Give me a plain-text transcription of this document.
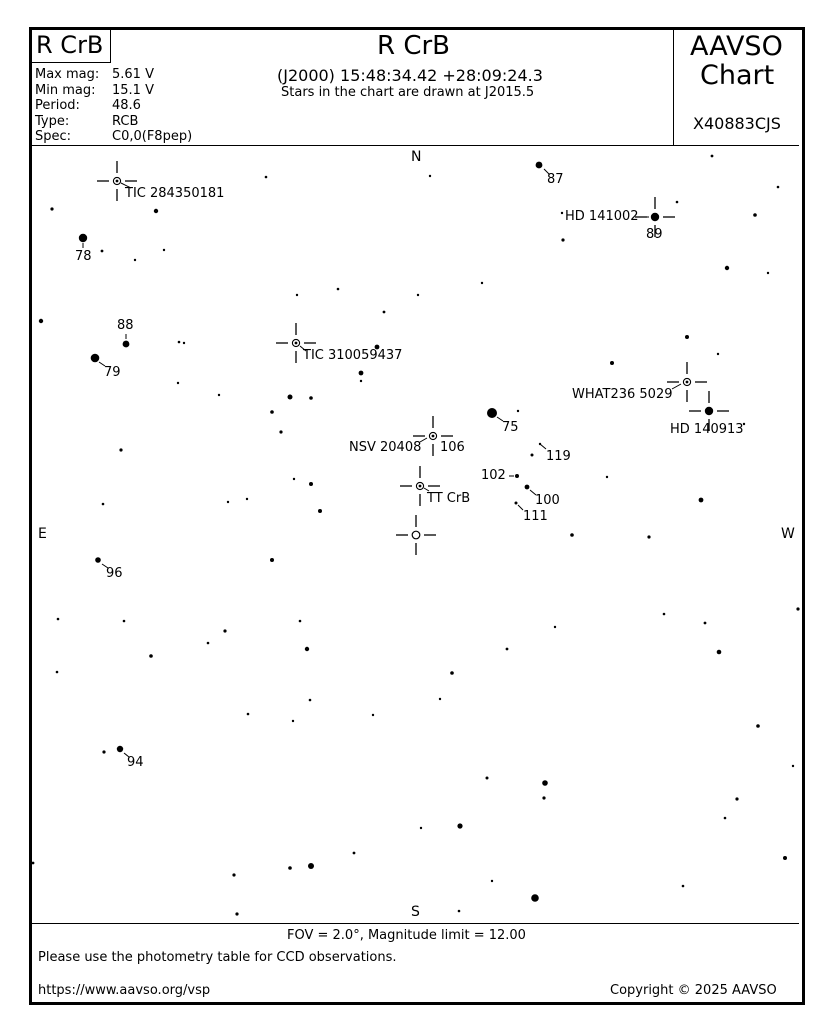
R CrB	R CrB
(J2000) 15:48:34.42 +28:09:24.3
Stars in the chart are drawn at J2015.5
AAVSO
Chart
X40883CJS
Max mag: 5.61 V
Min mag: 15.1 V
Period: 48.6
Type:	RCB
Spec:	C0,0(F8pep)
N
S
E	W
TIC 284350181
HD 141002
TIC 310059437
WHAT236 5029
HD 140913
NSV 20408
TT CrB
87
89
78
88
79
75
106
119
102
100
111
96
94
FOV = 2.0°, Magnitude limit = 12.00
Please use the photometry table for CCD observations.
https://www.aavso.org/vsp	Copyright © 2025 AAVSO
